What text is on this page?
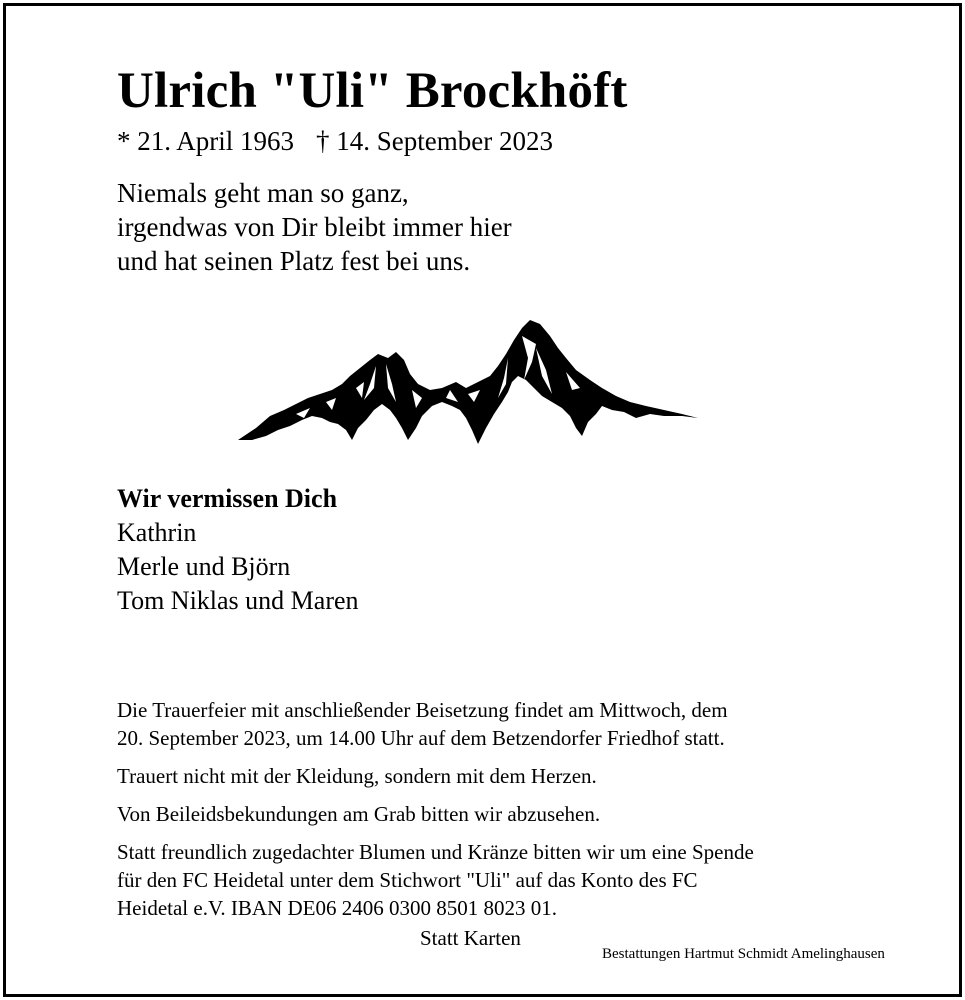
Ulrich "Uli" Brockhöft
* 21. April 1963 † 14. September 2023
Niemals geht man so ganz,
irgendwas von Dir bleibt immer hier
und hat seinen Platz fest bei uns.
Wir vermissen Dich
Kathrin
Merle und Björn
Tom Niklas und Maren

Die Trauerfeier mit anschließender Beisetzung findet am Mittwoch, dem
20. September 2023, um 14.00 Uhr auf dem Betzendorfer Friedhof statt.

Trauert nicht mit der Kleidung, sondern mit dem Herzen.

Von Beileidsbekundungen am Grab bitten wir abzusehen.

Statt freundlich zugedachter Blumen und Kränze bitten wir um eine Spende
für den FC Heidetal unter dem Stichwort "Uli" auf das Konto des FC
Heidetal e.V. IBAN DE06 2406 0300 8501 8023 01.

Statt Karten
Bestattungen Hartmut Schmidt Amelinghausen
